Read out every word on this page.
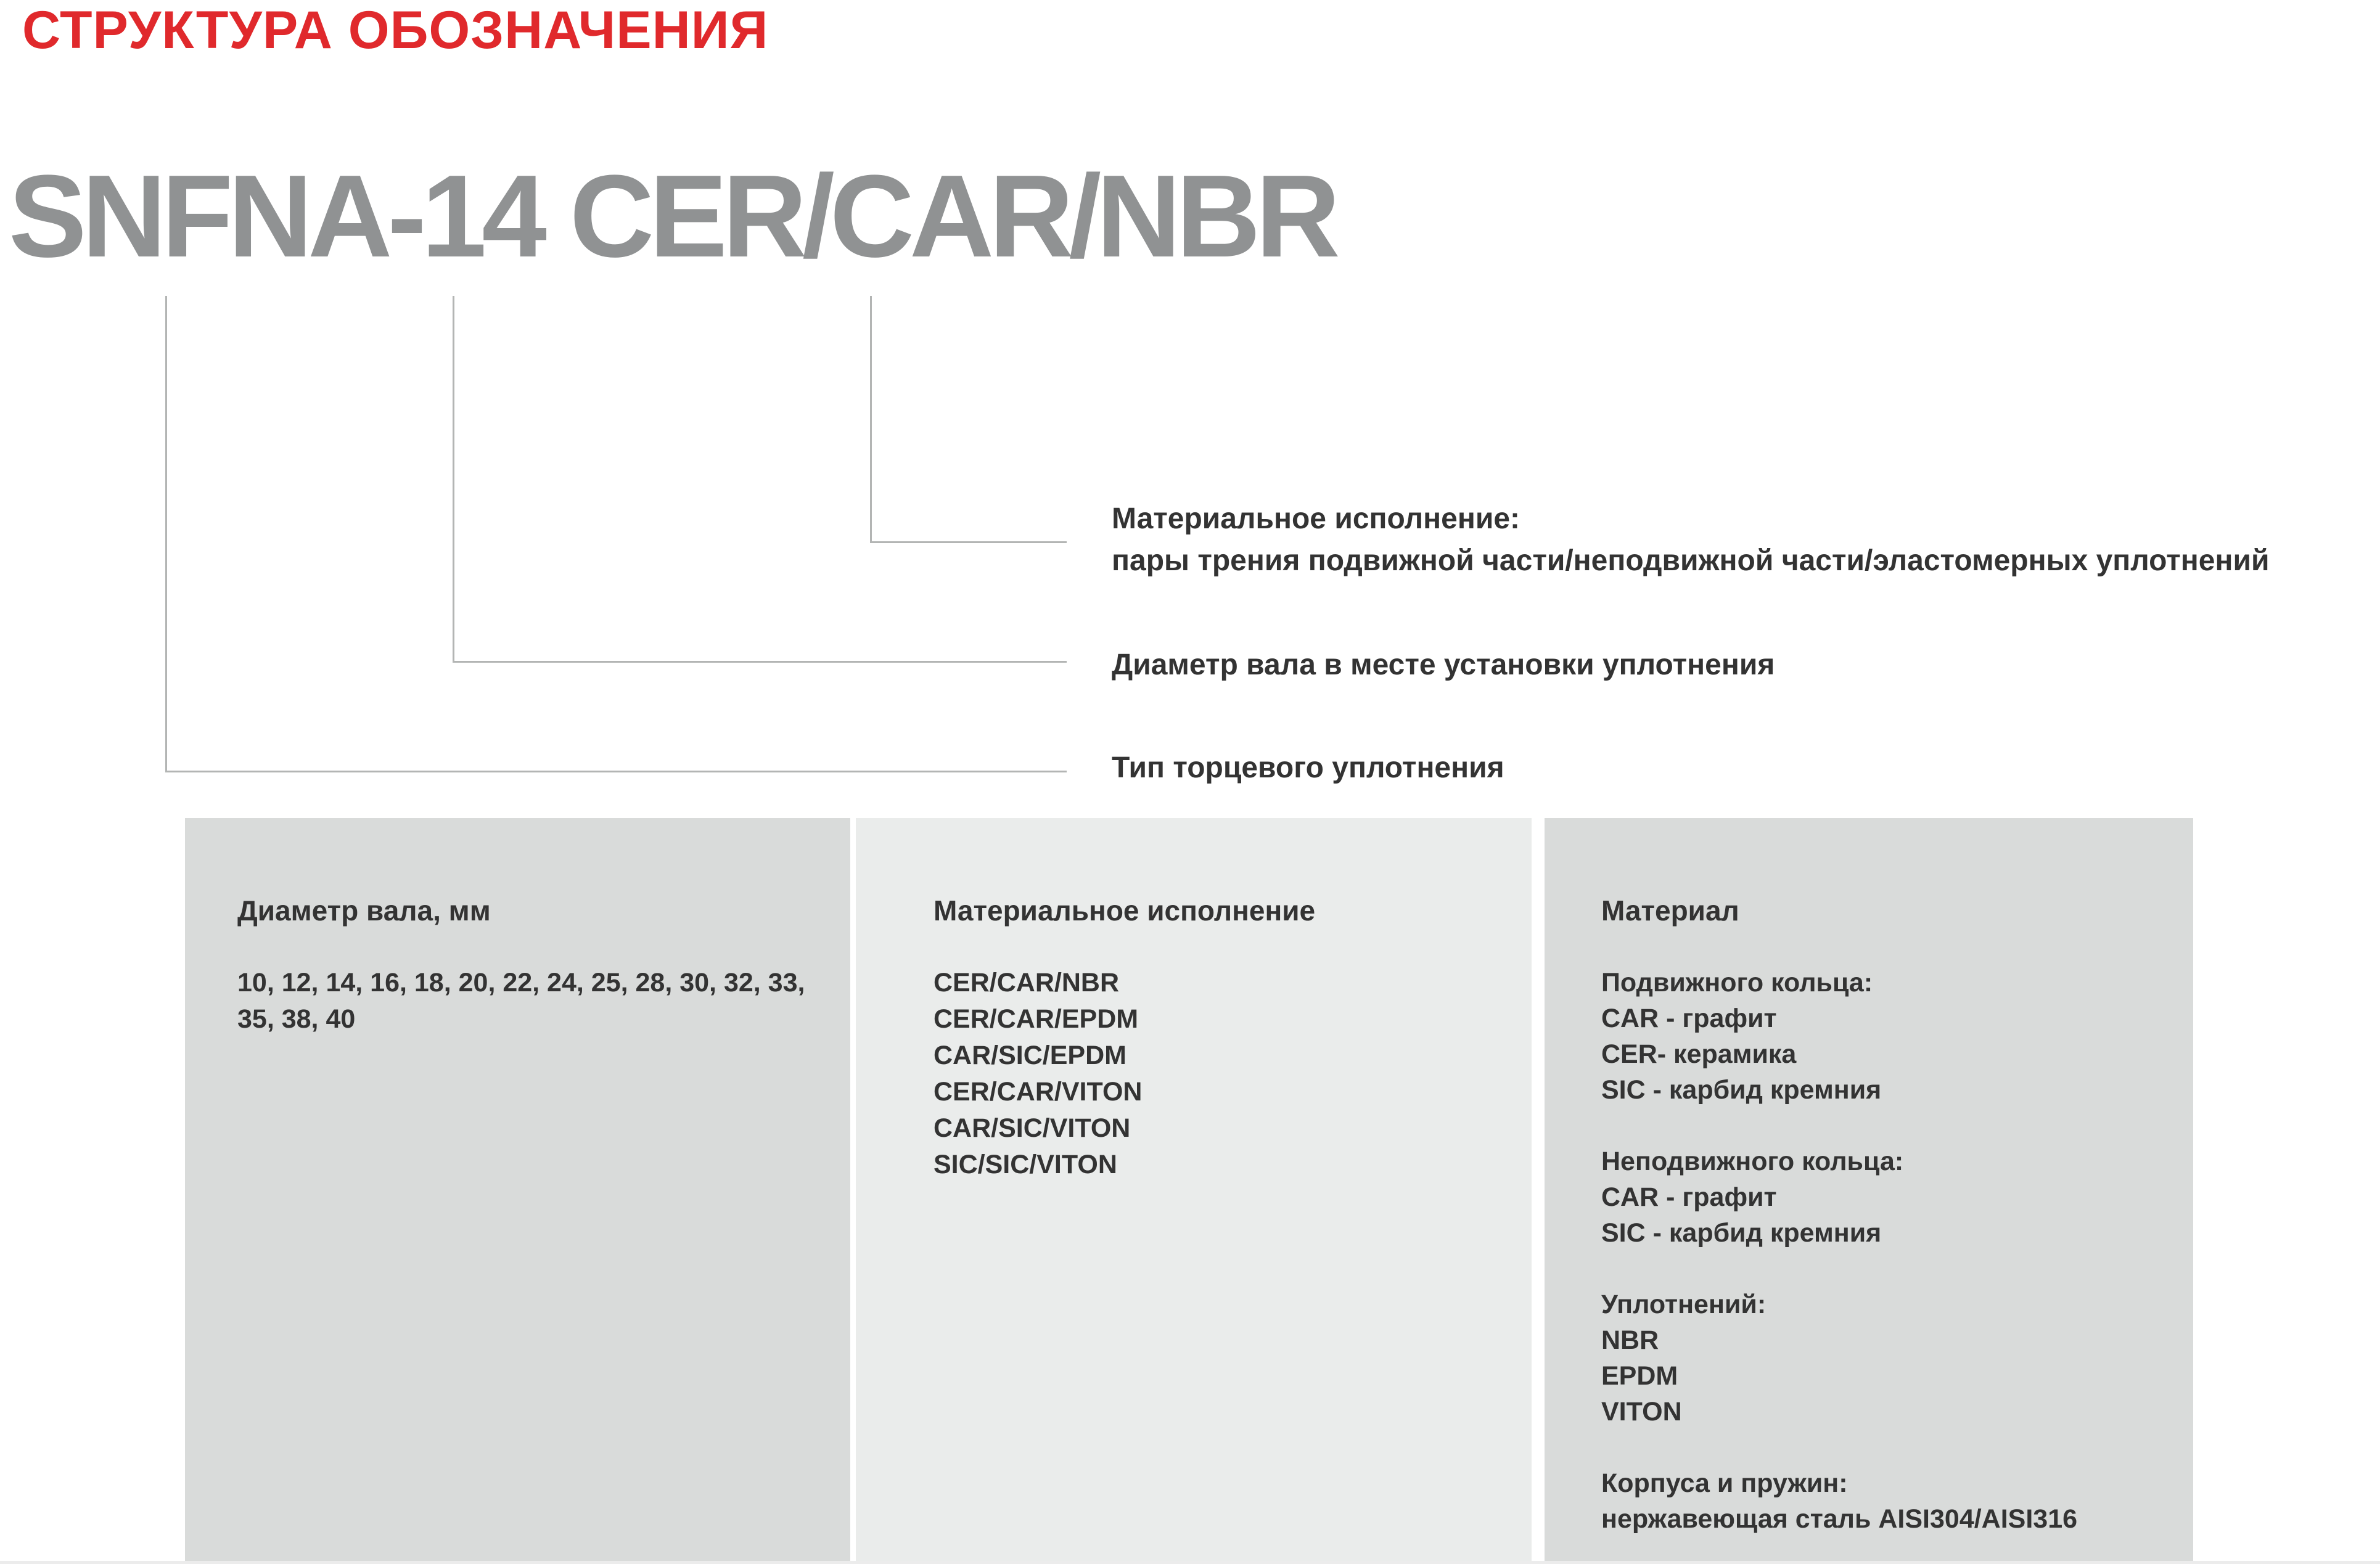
СТРУКТУРА ОБОЗНАЧЕНИЯ
SNFNA-14 CER/CAR/NBR
Материальное исполнение:
пары трения подвижной части/неподвижной части/эластомерных уплотнений
Диаметр вала в месте установки уплотнения
Тип торцевого уплотнения
Диаметр вала, мм
10, 12, 14, 16, 18, 20, 22, 24, 25, 28, 30, 32, 33,
35, 38, 40
Материальное исполнение
CER/CAR/NBR
CER/CAR/EPDM
CAR/SIC/EPDM
CER/CAR/VITON
CAR/SIC/VITON
SIC/SIC/VITON
Материал
Подвижного кольца:
CAR - графит
CER- керамика
SIC - карбид кремния
Неподвижного кольца:
CAR - графит
SIC - карбид кремния
Уплотнений:
NBR
EPDM
VITON
Корпуса и пружин:
нержавеющая сталь AISI304/AISI316
